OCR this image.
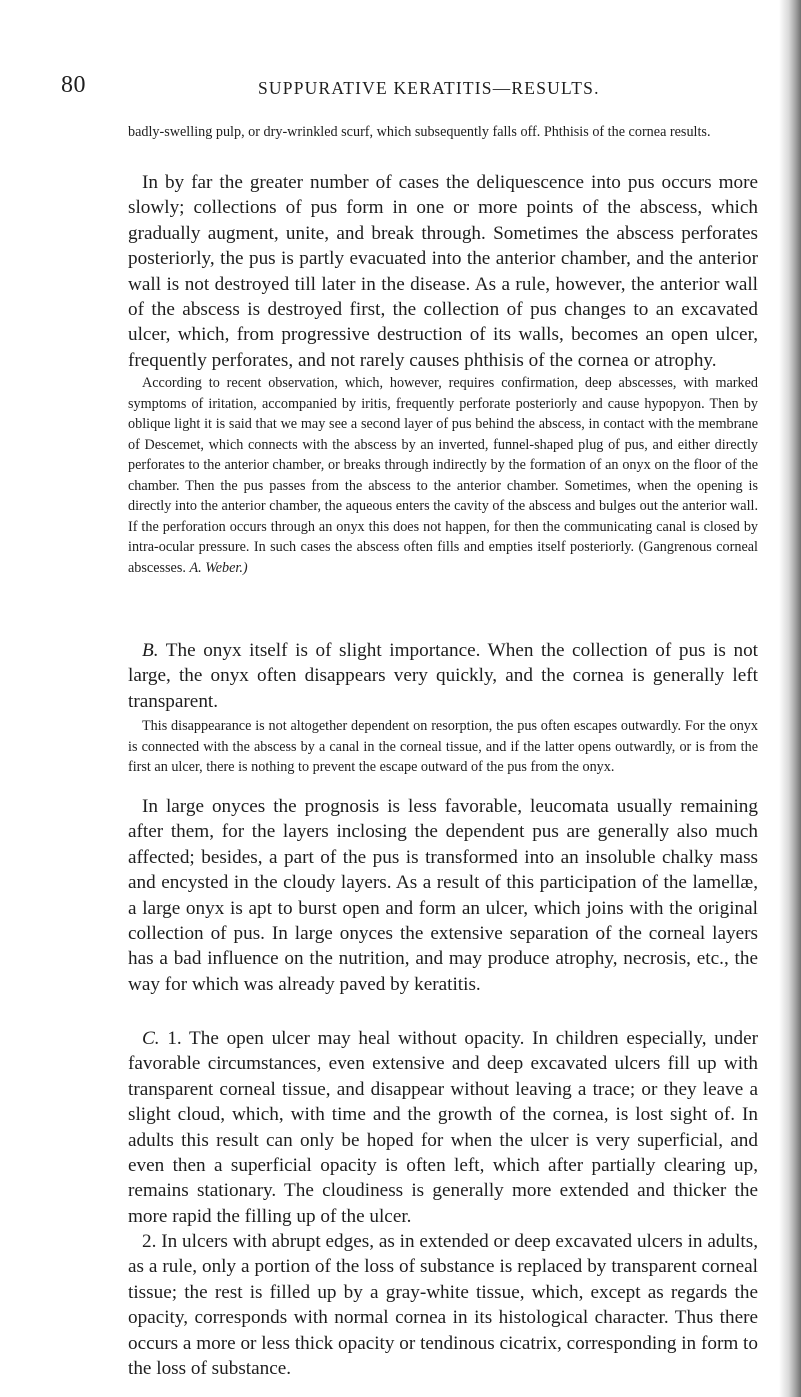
80	SUPPURATIVE KERATITIS—RESULTS.

badly-swelling pulp, or dry-wrinkled scurf, which subsequently falls off. Phthisis of the cornea results.

In by far the greater number of cases the deliquescence into pus occurs more slowly; collections of pus form in one or more points of the abscess, which gradually augment, unite, and break through. Sometimes the abscess perforates posteriorly, the pus is partly evacuated into the anterior chamber, and the anterior wall is not destroyed till later in the disease. As a rule, however, the anterior wall of the abscess is destroyed first, the collection of pus changes to an excavated ulcer, which, from progressive destruction of its walls, becomes an open ulcer, frequently perforates, and not rarely causes phthisis of the cornea or atrophy.

According to recent observation, which, however, requires confirmation, deep abscesses, with marked symptoms of iritation, accompanied by iritis, frequently perforate posteriorly and cause hypopyon. Then by oblique light it is said that we may see a second layer of pus behind the abscess, in contact with the membrane of Descemet, which connects with the abscess by an inverted, funnel-shaped plug of pus, and either directly perforates to the anterior chamber, or breaks through indirectly by the formation of an onyx on the floor of the chamber. Then the pus passes from the abscess to the anterior chamber. Sometimes, when the opening is directly into the anterior chamber, the aqueous enters the cavity of the abscess and bulges out the anterior wall. If the perforation occurs through an onyx this does not happen, for then the communicating canal is closed by intra-ocular pressure. In such cases the abscess often fills and empties itself posteriorly. (Gangrenous corneal abscesses. A. Weber.)

B. The onyx itself is of slight importance. When the collection of pus is not large, the onyx often disappears very quickly, and the cornea is generally left transparent.

This disappearance is not altogether dependent on resorption, the pus often escapes outwardly. For the onyx is connected with the abscess by a canal in the corneal tissue, and if the latter opens outwardly, or is from the first an ulcer, there is nothing to prevent the escape outward of the pus from the onyx.

In large onyces the prognosis is less favorable, leucomata usually remaining after them, for the layers inclosing the dependent pus are generally also much affected; besides, a part of the pus is transformed into an insoluble chalky mass and encysted in the cloudy layers. As a result of this participation of the lamellæ, a large onyx is apt to burst open and form an ulcer, which joins with the original collection of pus. In large onyces the extensive separation of the corneal layers has a bad influence on the nutrition, and may produce atrophy, necrosis, etc., the way for which was already paved by keratitis.

C. 1. The open ulcer may heal without opacity. In children especially, under favorable circumstances, even extensive and deep excavated ulcers fill up with transparent corneal tissue, and disappear without leaving a trace; or they leave a slight cloud, which, with time and the growth of the cornea, is lost sight of. In adults this result can only be hoped for when the ulcer is very superficial, and even then a superficial opacity is often left, which after partially clearing up, remains stationary. The cloudiness is generally more extended and thicker the more rapid the filling up of the ulcer.

2. In ulcers with abrupt edges, as in extended or deep excavated ulcers in adults, as a rule, only a portion of the loss of substance is replaced by transparent corneal tissue; the rest is filled up by a gray-white tissue, which, except as regards the opacity, corresponds with normal cornea in its histological character. Thus there occurs a more or less thick opacity or tendinous cicatrix, corresponding in form to the loss of substance.
